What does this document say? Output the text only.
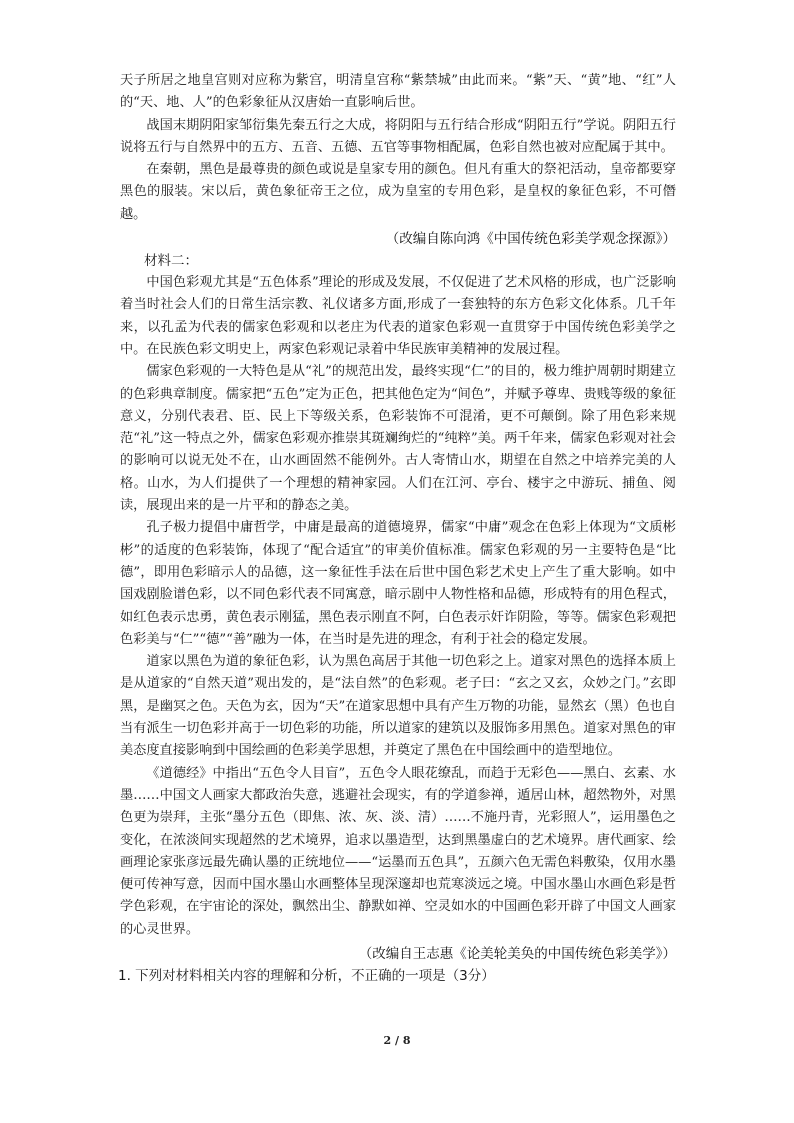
天子所居之地皇宫则对应称为紫宫，明清皇宫称“紫禁城”由此而来。“紫”天、“黄”地、“红”人的“天、地、人”的色彩象征从汉唐始一直影响后世。

战国末期阴阳家邹衍集先秦五行之大成，将阴阳与五行结合形成“阴阳五行”学说。阴阳五行说将五行与自然界中的五方、五音、五德、五官等事物相配属，色彩自然也被对应配属于其中。

在秦朝，黑色是最尊贵的颜色或说是皇家专用的颜色。但凡有重大的祭祀活动，皇帝都要穿黑色的服装。宋以后，黄色象征帝王之位，成为皇室的专用色彩，是皇权的象征色彩，不可僭越。

（改编自陈向鸿《中国传统色彩美学观念探源》）

材料二：

中国色彩观尤其是“五色体系”理论的形成及发展，不仅促进了艺术风格的形成，也广泛影响着当时社会人们的日常生活宗教、礼仪诸多方面,形成了一套独特的东方色彩文化体系。几千年来，以孔孟为代表的儒家色彩观和以老庄为代表的道家色彩观一直贯穿于中国传统色彩美学之中。在民族色彩文明史上，两家色彩观记录着中华民族审美精神的发展过程。

儒家色彩观的一大特色是从“礼”的规范出发，最终实现“仁”的目的，极力维护周朝时期建立的色彩典章制度。儒家把“五色”定为正色，把其他色定为“间色”，并赋予尊卑、贵贱等级的象征意义，分别代表君、臣、民上下等级关系，色彩装饰不可混淆，更不可颠倒。除了用色彩来规范“礼”这一特点之外，儒家色彩观亦推崇其斑斓绚烂的“纯粹”美。两千年来，儒家色彩观对社会的影响可以说无处不在，山水画固然不能例外。古人寄情山水，期望在自然之中培养完美的人格。山水，为人们提供了一个理想的精神家园。人们在江河、亭台、楼宇之中游玩、捕鱼、阅读，展现出来的是一片平和的静态之美。

孔子极力提倡中庸哲学，中庸是最高的道德境界，儒家“中庸”观念在色彩上体现为“文质彬彬”的适度的色彩装饰，体现了“配合适宜”的审美价值标准。儒家色彩观的另一主要特色是“比德”，即用色彩暗示人的品德，这一象征性手法在后世中国色彩艺术史上产生了重大影响。如中国戏剧脸谱色彩，以不同色彩代表不同寓意，暗示剧中人物性格和品德，形成特有的用色程式，如红色表示忠勇，黄色表示刚猛，黑色表示刚直不阿，白色表示奸诈阴险，等等。儒家色彩观把色彩美与“仁”“德”“善”融为一体，在当时是先进的理念，有利于社会的稳定发展。

道家以黑色为道的象征色彩，认为黑色高居于其他一切色彩之上。道家对黑色的选择本质上是从道家的“自然天道”观出发的，是“法自然”的色彩观。老子曰：“玄之又玄，众妙之门。”玄即黑，是幽冥之色。天色为玄，因为“天”在道家思想中具有产生万物的功能，显然玄（黑）色也自当有派生一切色彩并高于一切色彩的功能，所以道家的建筑以及服饰多用黑色。道家对黑色的审美态度直接影响到中国绘画的色彩美学思想，并奠定了黑色在中国绘画中的造型地位。

《道德经》中指出“五色令人目盲”，五色令人眼花缭乱，而趋于无彩色——黑白、玄素、水墨……中国文人画家大都政治失意，逃避社会现实，有的学道参禅，遁居山林，超然物外，对黑色更为崇拜，主张“墨分五色（即焦、浓、灰、淡、清）……不施丹青，光彩照人”，运用墨色之变化，在浓淡间实现超然的艺术境界，追求以墨造型，达到黑墨虚白的艺术境界。唐代画家、绘画理论家张彦远最先确认墨的正统地位——“运墨而五色具”，五颜六色无需色料敷染，仅用水墨便可传神写意，因而中国水墨山水画整体呈现深邃却也荒寒淡远之境。中国水墨山水画色彩是哲学色彩观，在宇宙论的深处，飘然出尘、静默如禅、空灵如水的中国画色彩开辟了中国文人画家的心灵世界。

（改编自王志惠《论美轮美奂的中国传统色彩美学》）

1. 下列对材料相关内容的理解和分析，不正确的一项是（3分）

2 / 8
